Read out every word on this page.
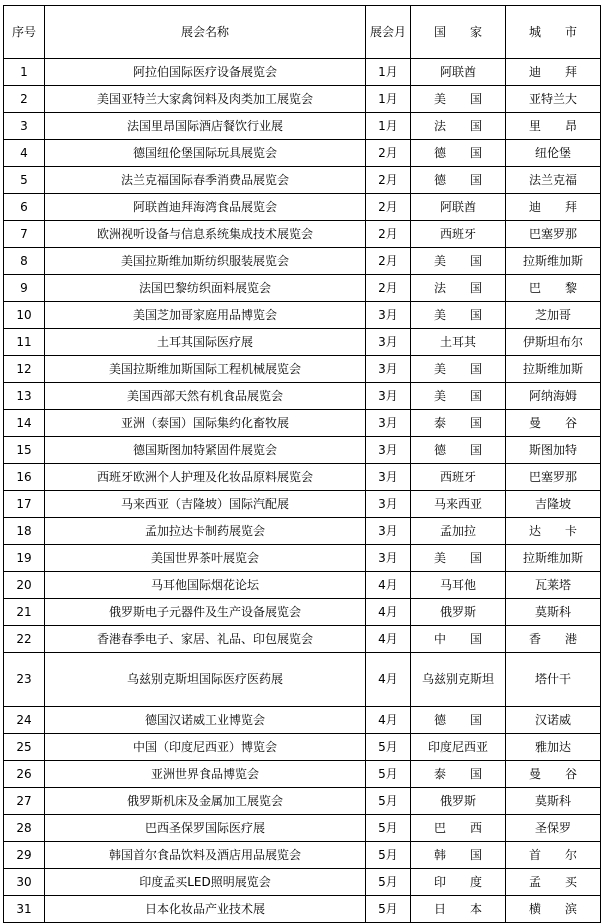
序号	展会名称	展会月	国　　家	城　　市
1	阿拉伯国际医疗设备展览会	1月	阿联酋	迪　　拜
2	美国亚特兰大家禽饲料及肉类加工展览会	1月	美　　国	亚特兰大
3	法国里昂国际酒店餐饮行业展	1月	法　　国	里　　昂
4	德国纽伦堡国际玩具展览会	2月	德　　国	纽伦堡
5	法兰克福国际春季消费品展览会	2月	德　　国	法兰克福
6	阿联酋迪拜海湾食品展览会	2月	阿联酋	迪　　拜
7	欧洲视听设备与信息系统集成技术展览会	2月	西班牙	巴塞罗那
8	美国拉斯维加斯纺织服装展览会	2月	美　　国	拉斯维加斯
9	法国巴黎纺织面料展览会	2月	法　　国	巴　　黎
10	美国芝加哥家庭用品博览会	3月	美　　国	芝加哥
11	土耳其国际医疗展	3月	土耳其	伊斯坦布尔
12	美国拉斯维加斯国际工程机械展览会	3月	美　　国	拉斯维加斯
13	美国西部天然有机食品展览会	3月	美　　国	阿纳海姆
14	亚洲（泰国）国际集约化畜牧展	3月	泰　　国	曼　　谷
15	德国斯图加特紧固件展览会	3月	德　　国	斯图加特
16	西班牙欧洲个人护理及化妆品原料展览会	3月	西班牙	巴塞罗那
17	马来西亚（吉隆坡）国际汽配展	3月	马来西亚	吉隆坡
18	孟加拉达卡制药展览会	3月	孟加拉	达　　卡
19	美国世界茶叶展览会	3月	美　　国	拉斯维加斯
20	马耳他国际烟花论坛	4月	马耳他	瓦莱塔
21	俄罗斯电子元器件及生产设备展览会	4月	俄罗斯	莫斯科
22	香港春季电子、家居、礼品、印包展览会	4月	中　　国	香　　港
23	乌兹别克斯坦国际医疗医药展	4月	乌兹别克斯坦	塔什干
24	德国汉诺威工业博览会	4月	德　　国	汉诺威
25	中国（印度尼西亚）博览会	5月	印度尼西亚	雅加达
26	亚洲世界食品博览会	5月	泰　　国	曼　　谷
27	俄罗斯机床及金属加工展览会	5月	俄罗斯	莫斯科
28	巴西圣保罗国际医疗展	5月	巴　　西	圣保罗
29	韩国首尔食品饮料及酒店用品展览会	5月	韩　　国	首　　尔
30	印度孟买LED照明展览会	5月	印　　度	孟　　买
31	日本化妆品产业技术展	5月	日　　本	横　　滨
